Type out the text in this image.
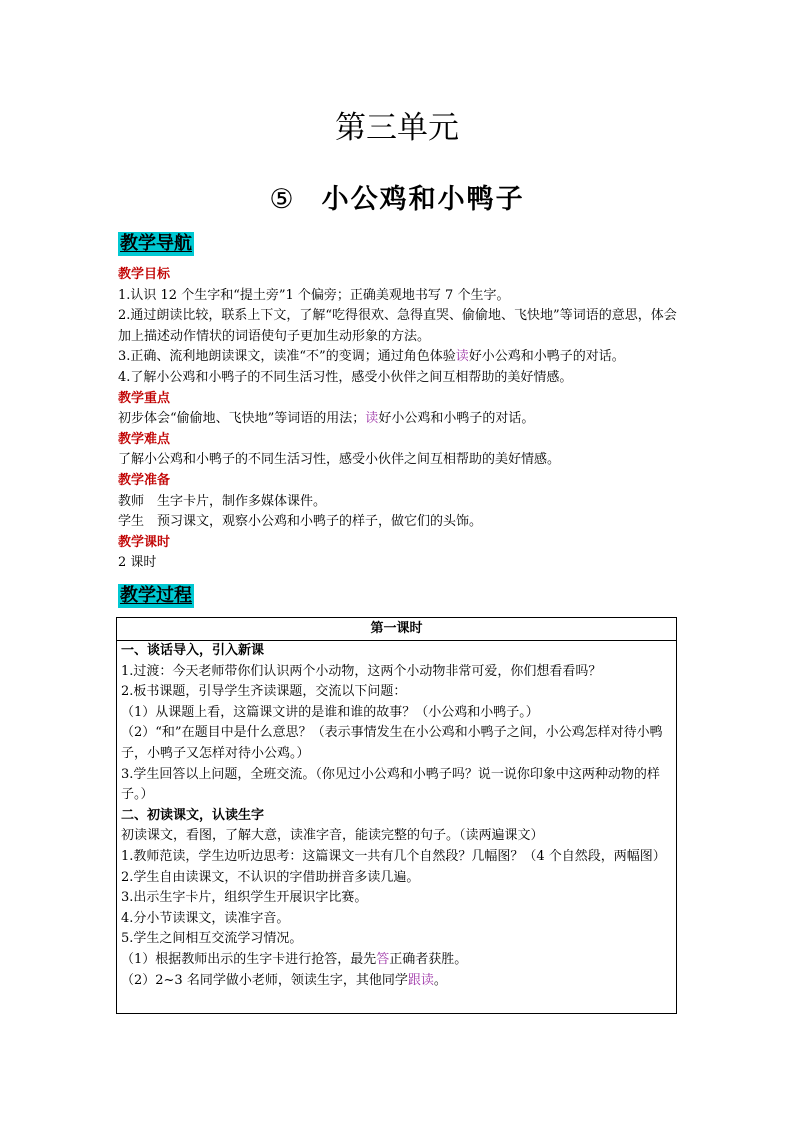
第三单元
⑤ 小公鸡和小鸭子
教学导航

教学目标

1.认识 12 个生字和“提土旁”1 个偏旁；正确美观地书写 7 个生字。

2.通过朗读比较，联系上下文，了解“吃得很欢、急得直哭、偷偷地、飞快地”等词语的意思，体会加上描述动作情状的词语使句子更加生动形象的方法。

3.正确、流利地朗读课文，读准“不”的变调；通过角色体验读好小公鸡和小鸭子的对话。

4.了解小公鸡和小鸭子的不同生活习性，感受小伙伴之间互相帮助的美好情感。

教学重点

初步体会“偷偷地、飞快地”等词语的用法；读好小公鸡和小鸭子的对话。

教学难点

了解小公鸡和小鸭子的不同生活习性，感受小伙伴之间互相帮助的美好情感。

教学准备

教师　生字卡片，制作多媒体课件。

学生　预习课文，观察小公鸡和小鸭子的样子，做它们的头饰。

教学课时

2 课时

教学过程
第一课时

一、谈话导入，引入新课

1.过渡：今天老师带你们认识两个小动物，这两个小动物非常可爱，你们想看看吗？

2.板书课题，引导学生齐读课题，交流以下问题：

（1）从课题上看，这篇课文讲的是谁和谁的故事？（小公鸡和小鸭子。）

（2）“和”在题目中是什么意思？（表示事情发生在小公鸡和小鸭子之间，小公鸡怎样对待小鸭子，小鸭子又怎样对待小公鸡。）

3.学生回答以上问题，全班交流。（你见过小公鸡和小鸭子吗？说一说你印象中这两种动物的样子。）

二、初读课文，认读生字

初读课文，看图，了解大意，读准字音，能读完整的句子。（读两遍课文）

1.教师范读，学生边听边思考：这篇课文一共有几个自然段？几幅图？（4 个自然段，两幅图）

2.学生自由读课文，不认识的字借助拼音多读几遍。

3.出示生字卡片，组织学生开展识字比赛。

4.分小节读课文，读准字音。

5.学生之间相互交流学习情况。

（1）根据教师出示的生字卡进行抢答，最先答正确者获胜。

（2）2~3 名同学做小老师，领读生字，其他同学跟读。
